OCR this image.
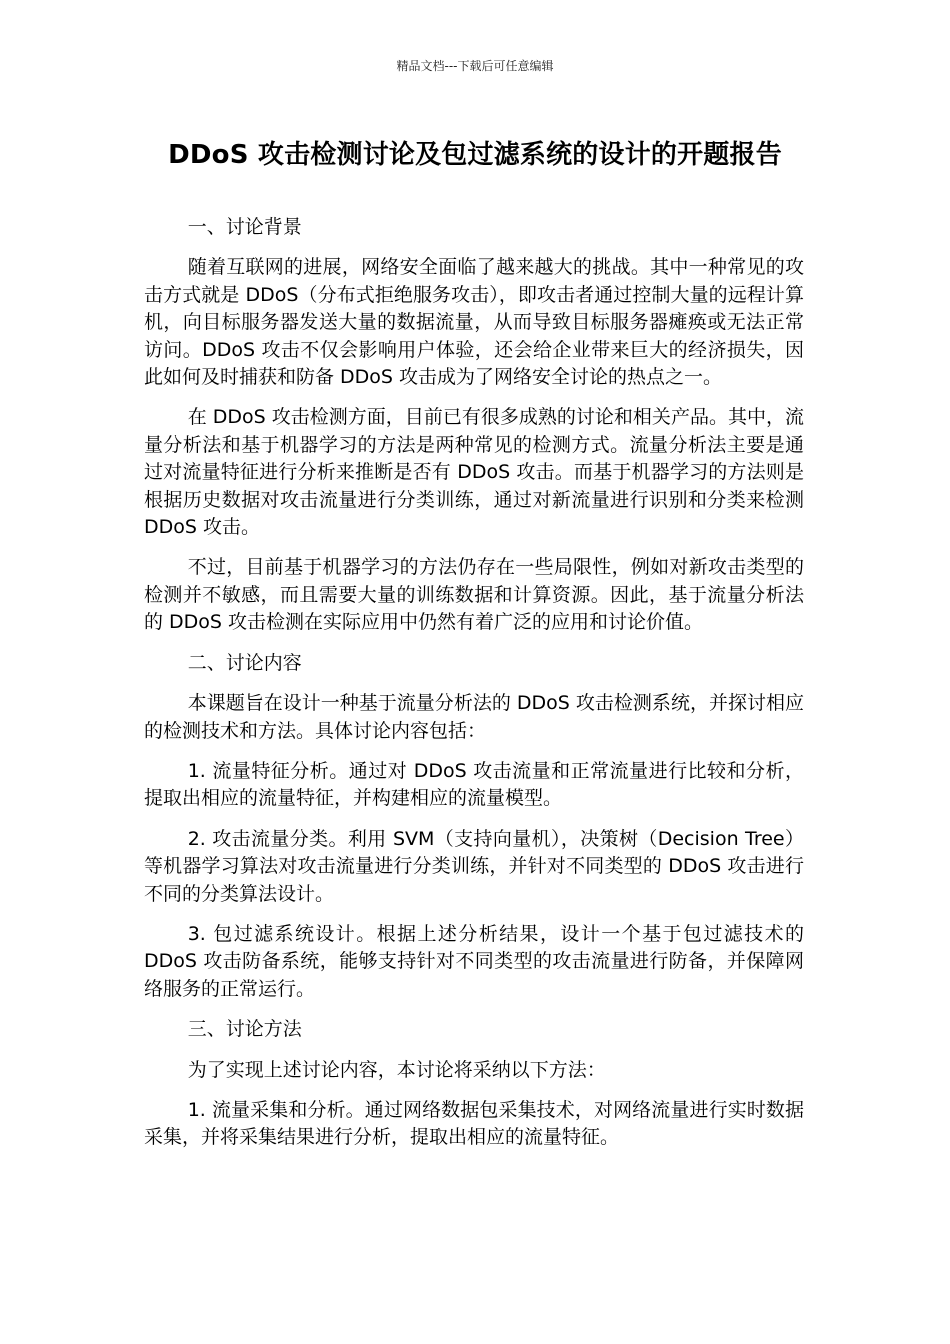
精品文档---下载后可任意编辑
DDoS 攻击检测讨论及包过滤系统的设计的开题报告

一、讨论背景

随着互联网的进展，网络安全面临了越来越大的挑战。其中一种常见的攻击方式就是 DDoS（分布式拒绝服务攻击），即攻击者通过控制大量的远程计算机，向目标服务器发送大量的数据流量，从而导致目标服务器瘫痪或无法正常访问。DDoS 攻击不仅会影响用户体验，还会给企业带来巨大的经济损失，因此如何及时捕获和防备 DDoS 攻击成为了网络安全讨论的热点之一。

在 DDoS 攻击检测方面，目前已有很多成熟的讨论和相关产品。其中，流量分析法和基于机器学习的方法是两种常见的检测方式。流量分析法主要是通过对流量特征进行分析来推断是否有 DDoS 攻击。而基于机器学习的方法则是根据历史数据对攻击流量进行分类训练，通过对新流量进行识别和分类来检测 DDoS 攻击。

不过，目前基于机器学习的方法仍存在一些局限性，例如对新攻击类型的检测并不敏感，而且需要大量的训练数据和计算资源。因此，基于流量分析法的 DDoS 攻击检测在实际应用中仍然有着广泛的应用和讨论价值。

二、讨论内容

本课题旨在设计一种基于流量分析法的 DDoS 攻击检测系统，并探讨相应的检测技术和方法。具体讨论内容包括：

1. 流量特征分析。通过对 DDoS 攻击流量和正常流量进行比较和分析，提取出相应的流量特征，并构建相应的流量模型。

2. 攻击流量分类。利用 SVM（支持向量机），决策树（Decision Tree）等机器学习算法对攻击流量进行分类训练，并针对不同类型的 DDoS 攻击进行不同的分类算法设计。

3. 包过滤系统设计。根据上述分析结果，设计一个基于包过滤技术的 DDoS 攻击防备系统，能够支持针对不同类型的攻击流量进行防备，并保障网络服务的正常运行。

三、讨论方法

为了实现上述讨论内容，本讨论将采纳以下方法：

1. 流量采集和分析。通过网络数据包采集技术，对网络流量进行实时数据采集，并将采集结果进行分析，提取出相应的流量特征。
